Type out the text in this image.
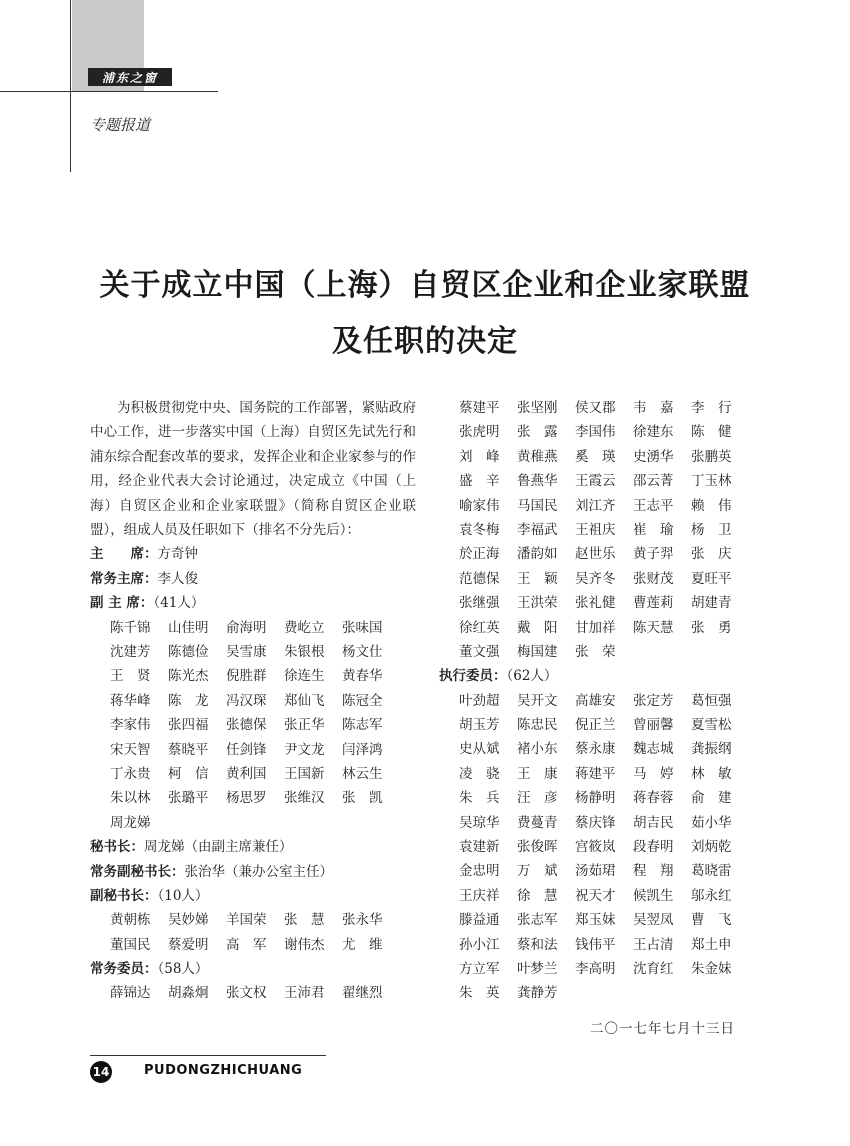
浦东之窗
专题报道
关于成立中国（上海）自贸区企业和企业家联盟
及任职的决定

为积极贯彻党中央、国务院的工作部署，紧贴政府中心工作，进一步落实中国（上海）自贸区先试先行和浦东综合配套改革的要求，发挥企业和企业家参与的作用，经企业代表大会讨论通过，决定成立《中国（上海）自贸区企业和企业家联盟》（简称自贸区企业联盟），组成人员及任职如下（排名不分先后）：

主　　席：方奇钟
常务主席：李人俊
副 主 席：（41人）
陈千锦	山佳明	俞海明	费屹立	张味国
沈建芳	陈德俭	吴雪康	朱银根	杨文仕
王　贤	陈光杰	倪胜群	徐连生	黄春华
蒋华峰	陈　龙	冯汉琛	郑仙飞	陈冠全
李家伟	张四福	张德保	张正华	陈志军
宋天智	蔡晓平	任剑锋	尹文龙	闫泽鸿
丁永贵	柯　信	黄利国	王国新	林云生
朱以林	张璐平	杨思罗	张维汉	张　凯
周龙娣
秘书长：周龙娣（由副主席兼任）
常务副秘书长：张治华（兼办公室主任）
副秘书长：（10人）
黄朝栋	吴妙娣	羊国荣	张　慧	张永华
董国民	蔡爱明	高　军	谢伟杰	尤　维
常务委员：（58人）
薛锦达	胡淼炯	张文权	王沛君	翟继烈
蔡建平	张坚刚	侯又郡	韦　嘉	李　行
张虎明	张　露	李国伟	徐建东	陈　健
刘　峰	黄稚燕	奚　瑛	史湧华	张鹏英
盛　辛	鲁燕华	王霞云	邵云菁	丁玉林
喻家伟	马国民	刘江齐	王志平	赖　伟
袁冬梅	李福武	王祖庆	崔　瑜	杨　卫
於正海	潘韵如	赵世乐	黄子羿	张　庆
范德保	王　颖	吴齐冬	张财茂	夏旺平
张继强	王洪荣	张礼健	曹莲莉	胡建青
徐红英	戴　阳	甘加祥	陈天慧	张　勇
董文强	梅国建	张　荣
执行委员：（62人）
叶劲超	吴开文	高雄安	张定芳	葛恒强
胡玉芳	陈忠民	倪正兰	曾丽馨	夏雪松
史从斌	褚小东	蔡永康	魏志城	龚振纲
凌　骁	王　康	蒋建平	马　婷	林　敏
朱　兵	汪　彦	杨静明	蒋春蓉	俞　建
吴琼华	费蔓青	蔡庆锋	胡吉民	茹小华
袁建新	张俊晖	宫筱岚	段春明	刘炳乾
金忠明	万　斌	汤茹珺	程　翔	葛晓雷
王庆祥	徐　慧	祝天才	候凯生	邬永红
滕益通	张志军	郑玉妹	吴翌凤	曹　飞
孙小江	蔡和法	钱伟平	王占清	郑土申
方立军	叶梦兰	李高明	沈育红	朱金妹
朱　英	龚静芳
二〇一七年七月十三日
14	PUDONGZHICHUANG
